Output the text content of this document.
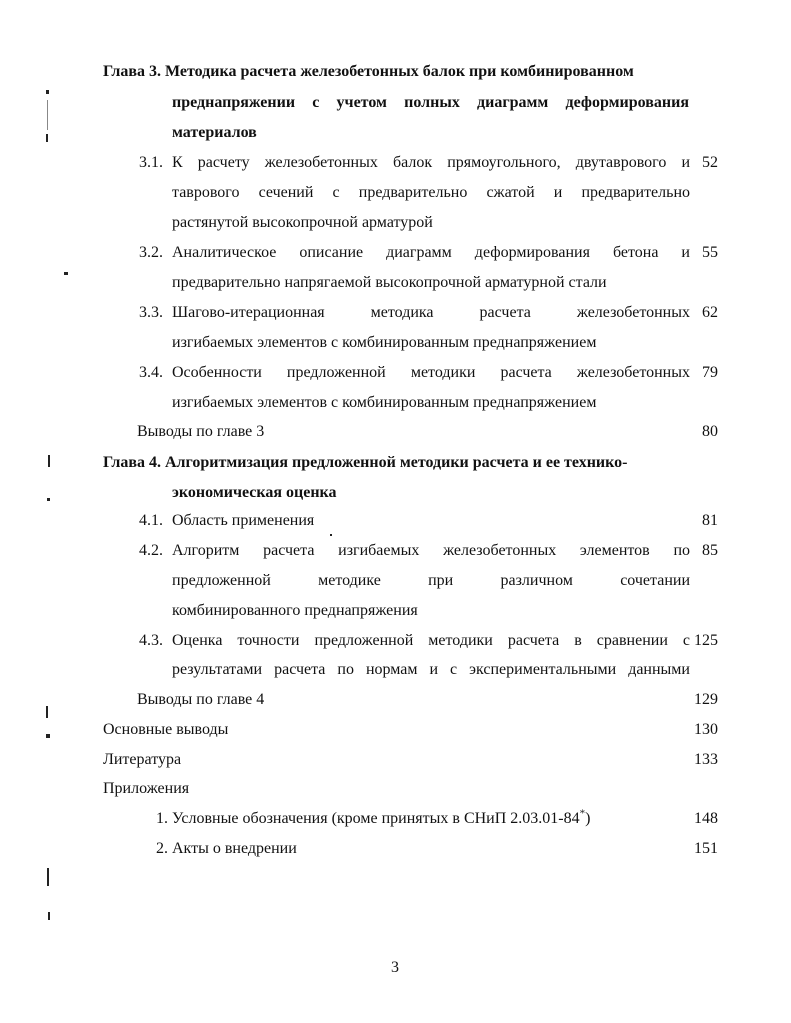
Глава 3. Методика расчета железобетонных балок при комбинированном
преднапряжении с учетом полных диаграмм деформирования
материалов
3.1. К расчету железобетонных балок прямоугольного, двутаврового и 52
таврового сечений с предварительно сжатой и предварительно
растянутой высокопрочной арматурой
3.2. Аналитическое описание диаграмм деформирования бетона и 55
предварительно напрягаемой высокопрочной арматурной стали
3.3. Шагово-итерационная методика расчета железобетонных 62
изгибаемых элементов с комбинированным преднапряжением
3.4. Особенности предложенной методики расчета железобетонных 79
изгибаемых элементов с комбинированным преднапряжением
Выводы по главе 3	80
Глава 4. Алгоритмизация предложенной методики расчета и ее технико-
экономическая оценка
4.1. Область применения	81
4.2. Алгоритм расчета изгибаемых железобетонных элементов по 85
предложенной методике при различном сочетании
комбинированного преднапряжения
4.3. Оценка точности предложенной методики расчета в сравнении с 125
результатами расчета по нормам и с экспериментальными данными
Выводы по главе 4	129
Основные выводы	130
Литература	133
Приложения
1. Условные обозначения (кроме принятых в СНиП 2.03.01-84*)	148
2. Акты о внедрении	151
3
